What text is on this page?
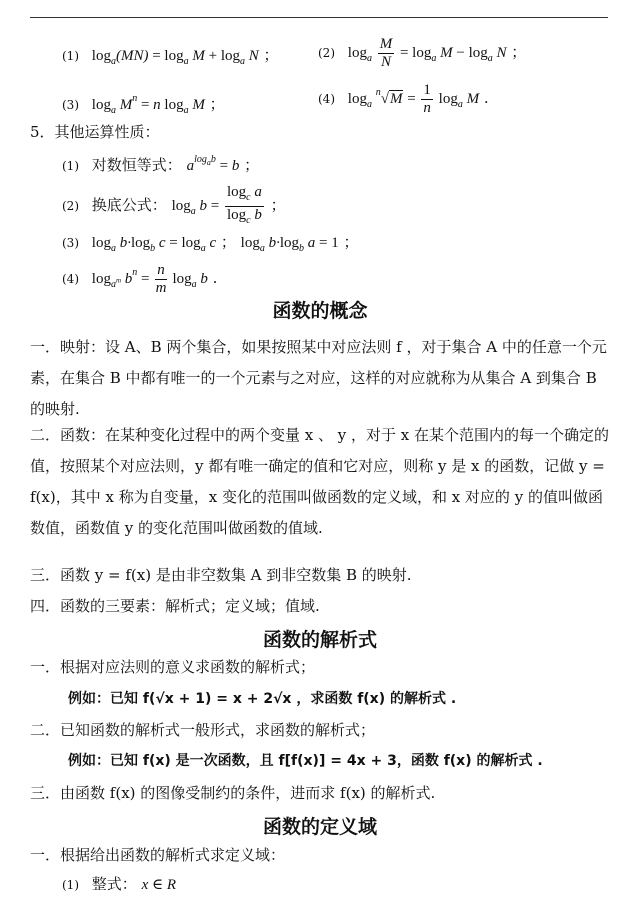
(1) $\log_a(MN) = \log_a M + \log_a N$ ；	(2) $\log_a \frac{M}{N} = \log_a M - \log_a N$ ；
(3) $\log_a M^n = n$ $\log_a M$ ；	(4) $\log_a ^n√M = \frac{1}{n} \log_a M$ .
5．其他运算性质：
(1) 对数恒等式： $a^{log_ab} = b$ ；
(2) 换底公式： $\log_a b = \frac{\log_c a}{\log_c b}$ ；
(3) $\log_a b\cdot\log_b$ $c = \log_a c$ ； $\log_a b\cdot\log_b$ a = 1 ；
(4) $\log_{a^m} b^n = \frac{n}{m} \log_a b$ .
函数的概念
一．映射：设 A、B 两个集合，如果按照某中对应法则 f ，对于集合 A 中的任意一个元素，在集合 B 中都有唯一的一个元素与之对应，这样的对应就称为从集合 A 到集合 B 的映射.
二．函数：在某种变化过程中的两个变量 x 、 y ，对于 x 在某个范围内的每一个确定的值，按照某个对应法则，y 都有唯一确定的值和它对应，则称 y 是 x 的函数，记做 y = f(x)，其中 x 称为自变量，x 变化的范围叫做函数的定义域，和 x 对应的 y 的值叫做函数值，函数值 y 的变化范围叫做函数的值域.
三．函数 y = f(x) 是由非空数集 A 到非空数集 B 的映射.
四．函数的三要素：解析式；定义域；值域.
函数的解析式
一．根据对应法则的意义求函数的解析式；
例如：已知 f(√x + 1) = x + 2√x ，求函数 f(x) 的解析式 .
二．已知函数的解析式一般形式，求函数的解析式；
例如：已知 f(x) 是一次函数，且 f[f(x)] = 4x + 3，函数 f(x) 的解析式 .
三．由函数 f(x) 的图像受制约的条件，进而求 f(x) 的解析式.
函数的定义域
一．根据给出函数的解析式求定义域：
(1) 整式： x ∈ R
